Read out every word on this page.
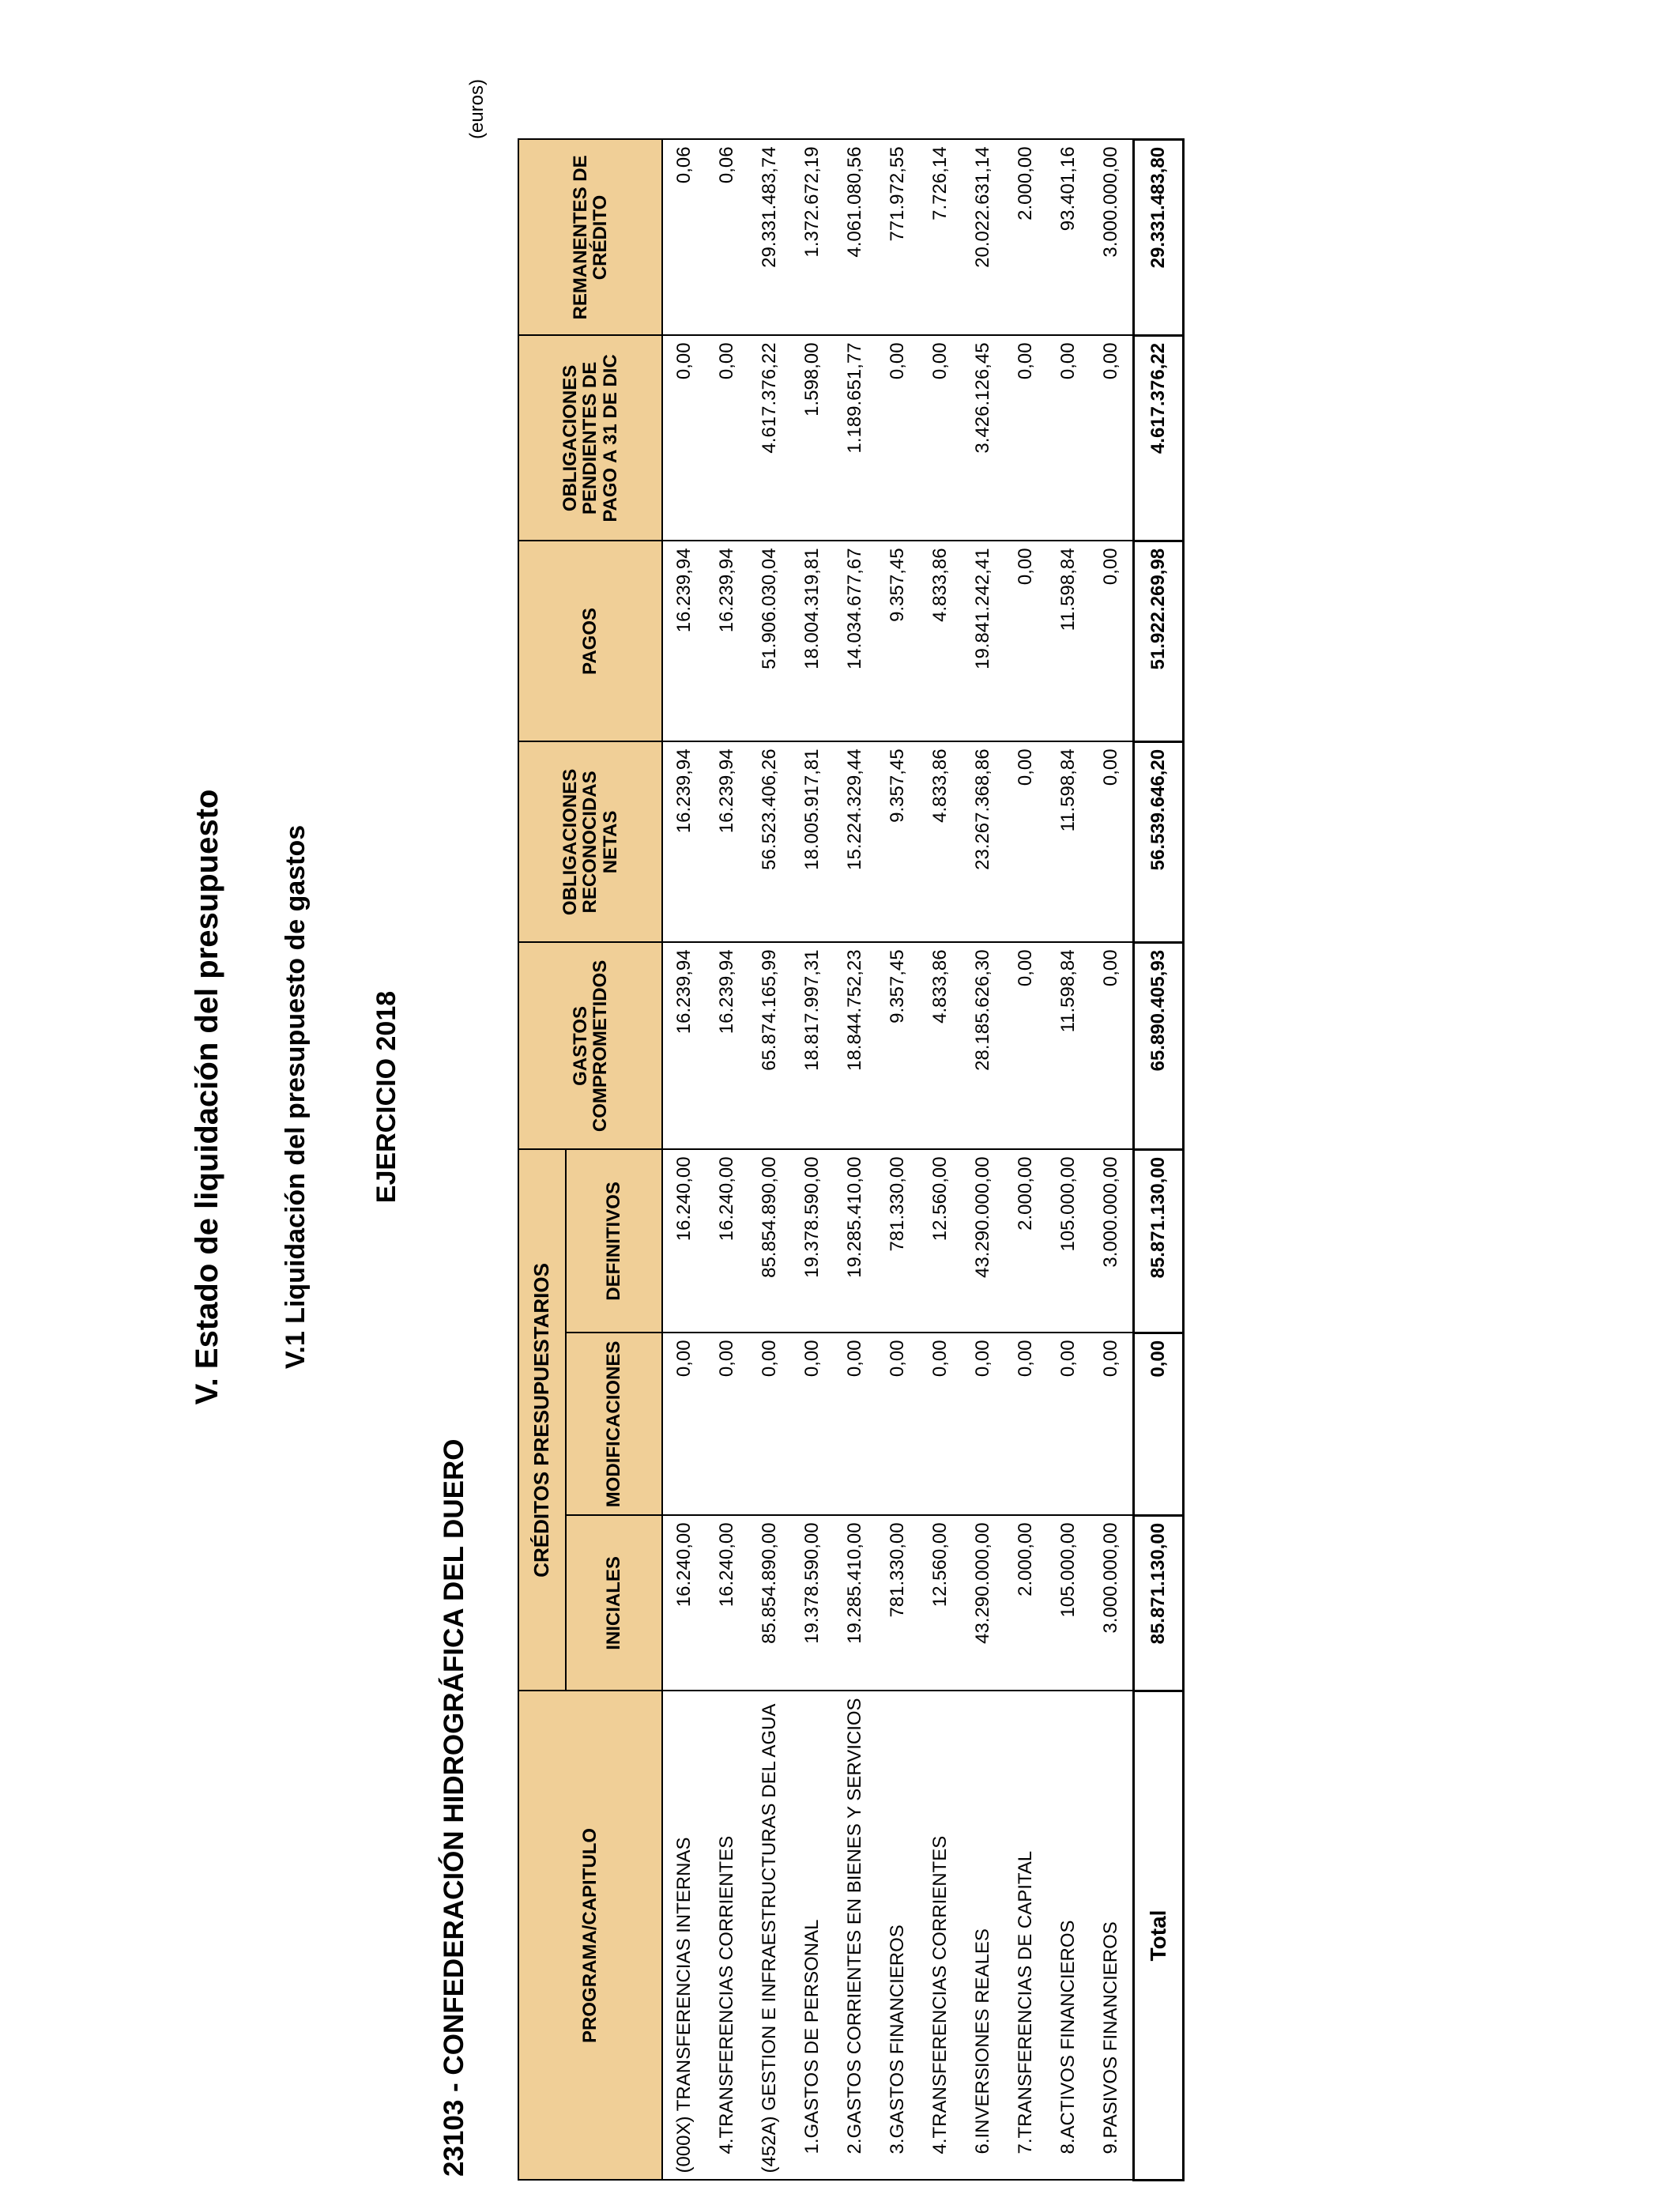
V. Estado de liquidación del presupuesto V.1 Liquidación del presupuesto de gastos EJERCICIO 2018
23103 - CONFEDERACIÓN HIDROGRÁFICA DEL DUERO
(euros)
PROGRAMA/CAPITULO	CRÉDITOS PRESUPUESTARIOS			GASTOS COMPROMETIDOS	OBLIGACIONES RECONOCIDAS NETAS	PAGOS	OBLIGACIONES PENDIENTES DE PAGO A 31 DE DIC	REMANENTES DE CRÉDITO
	INICIALES	MODIFICACIONES	DEFINITIVOS					
(000X) TRANSFERENCIAS INTERNAS	16.240,00	0,00	16.240,00	16.239,94	16.239,94	16.239,94	0,00	0,06
4.TRANSFERENCIAS CORRIENTES	16.240,00	0,00	16.240,00	16.239,94	16.239,94	16.239,94	0,00	0,06
(452A) GESTION E INFRAESTRUCTURAS DEL AGUA	85.854.890,00	0,00	85.854.890,00	65.874.165,99	56.523.406,26	51.906.030,04	4.617.376,22	29.331.483,74
1.GASTOS DE PERSONAL	19.378.590,00	0,00	19.378.590,00	18.817.997,31	18.005.917,81	18.004.319,81	1.598,00	1.372.672,19
2.GASTOS CORRIENTES EN BIENES Y SERVICIOS	19.285.410,00	0,00	19.285.410,00	18.844.752,23	15.224.329,44	14.034.677,67	1.189.651,77	4.061.080,56
3.GASTOS FINANCIEROS	781.330,00	0,00	781.330,00	9.357,45	9.357,45	9.357,45	0,00	771.972,55
4.TRANSFERENCIAS CORRIENTES	12.560,00	0,00	12.560,00	4.833,86	4.833,86	4.833,86	0,00	7.726,14
6.INVERSIONES REALES	43.290.000,00	0,00	43.290.000,00	28.185.626,30	23.267.368,86	19.841.242,41	3.426.126,45	20.022.631,14
7.TRANSFERENCIAS DE CAPITAL	2.000,00	0,00	2.000,00	0,00	0,00	0,00	0,00	2.000,00
8.ACTIVOS FINANCIEROS	105.000,00	0,00	105.000,00	11.598,84	11.598,84	11.598,84	0,00	93.401,16
9.PASIVOS FINANCIEROS	3.000.000,00	0,00	3.000.000,00	0,00	0,00	0,00	0,00	3.000.000,00
Total	85.871.130,00	0,00	85.871.130,00	65.890.405,93	56.539.646,20	51.922.269,98	4.617.376,22	29.331.483,80
